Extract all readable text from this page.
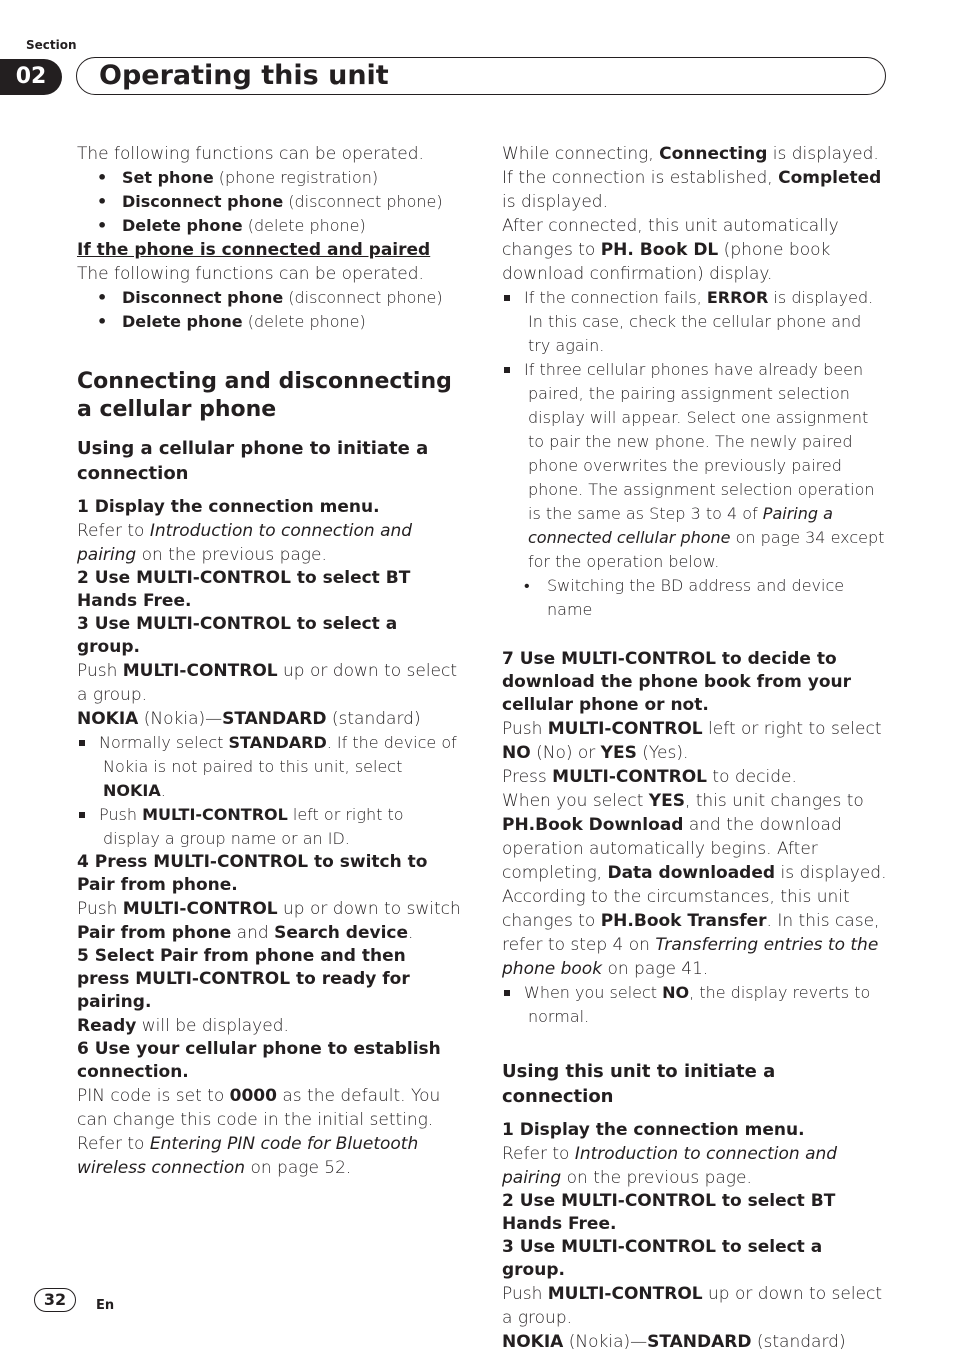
Section
02	Operating this unit

The following functions can be operated.

• Set phone (phone registration)
• Disconnect phone (disconnect phone)
• Delete phone (delete phone)

If the phone is connected and paired

The following functions can be operated.

• Disconnect phone (disconnect phone)
• Delete phone (delete phone)
Connecting and disconnecting a cellular phone
Using a cellular phone to initiate a connection

1 Display the connection menu.

Refer to Introduction to connection and pairing on the previous page.

2 Use MULTI-CONTROL to select BT Hands Free.

3 Use MULTI-CONTROL to select a group.

Push MULTI-CONTROL up or down to select a group.

NOKIA (Nokia)—STANDARD (standard)

Normally select STANDARD. If the device of Nokia is not paired to this unit, select NOKIA.

Push MULTI-CONTROL left or right to display a group name or an ID.

4 Press MULTI-CONTROL to switch to Pair from phone.

Push MULTI-CONTROL up or down to switch Pair from phone and Search device.

5 Select Pair from phone and then press MULTI-CONTROL to ready for pairing.

Ready will be displayed.

6 Use your cellular phone to establish connection.

PIN code is set to 0000 as the default. You can change this code in the initial setting. Refer to Entering PIN code for Bluetooth wireless connection on page 52.

While connecting, Connecting is displayed. If the connection is established, Completed is displayed.

After connected, this unit automatically changes to PH. Book DL (phone book download confirmation) display.

If the connection fails, ERROR is displayed. In this case, check the cellular phone and try again.

If three cellular phones have already been paired, the pairing assignment selection display will appear. Select one assignment to pair the new phone. The newly paired phone overwrites the previously paired phone. The assignment selection operation is the same as Step 3 to 4 of Pairing a connected cellular phone on page 34 except for the operation below.

• Switching the BD address and device name

7 Use MULTI-CONTROL to decide to download the phone book from your cellular phone or not.

Push MULTI-CONTROL left or right to select NO (No) or YES (Yes).

Press MULTI-CONTROL to decide.

When you select YES, this unit changes to PH.Book Download and the download operation automatically begins. After completing, Data downloaded is displayed.

According to the circumstances, this unit changes to PH.Book Transfer. In this case, refer to step 4 on Transferring entries to the phone book on page 41.

When you select NO, the display reverts to normal.

Using this unit to initiate a connection

1 Display the connection menu.

Refer to Introduction to connection and pairing on the previous page.

2 Use MULTI-CONTROL to select BT Hands Free.

3 Use MULTI-CONTROL to select a group.

Push MULTI-CONTROL up or down to select a group.

NOKIA (Nokia)—STANDARD (standard)

32	En
